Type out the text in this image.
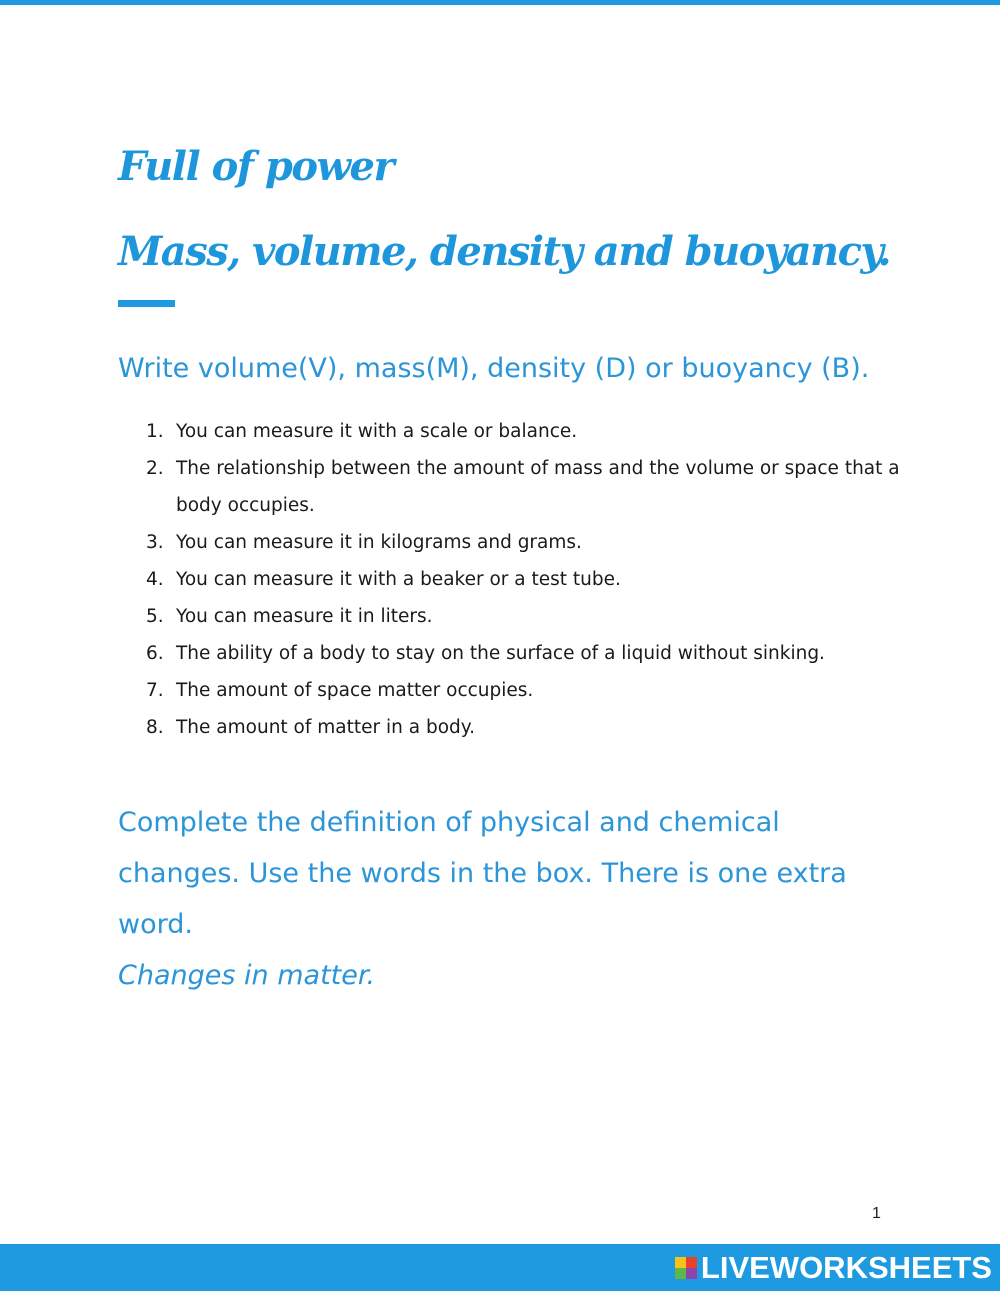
Full of power
Mass, volume, density and buoyancy.

Write volume(V), mass(M), density (D) or buoyancy (B).

1. You can measure it with a scale or balance.
2. The relationship between the amount of mass and the volume or space that a body occupies.
3. You can measure it in kilograms and grams.
4. You can measure it with a beaker or a test tube.
5. You can measure it in liters.
6. The ability of a body to stay on the surface of a liquid without sinking.
7. The amount of space matter occupies.
8. The amount of matter in a body.

Complete the definition of physical and chemical changes. Use the words in the box. There is one extra word.

Changes in matter.

1
LIVEWORKSHEETS
